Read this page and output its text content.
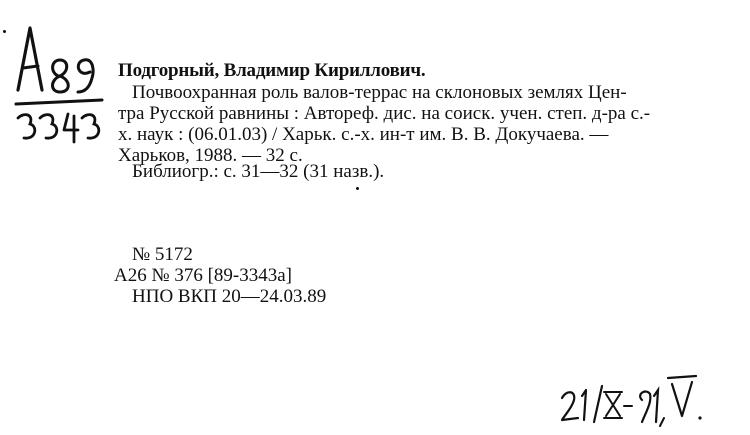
Подгорный, Владимир Кириллович.
Почвоохранная роль валов-террас на склоновых землях Цен-
тра Русской равнины : Автореф. дис. на соиск. учен. степ. д-ра с.-
х. наук : (06.01.03) / Харьк. с.-х. ин-т им. В. В. Докучаева. —
Харьков, 1988. — 32 с.
Библиогр.: с. 31—32 (31 назв.).
№ 5172
A26 № 376 [89-3343a]
НПО ВКП 20—24.03.89
